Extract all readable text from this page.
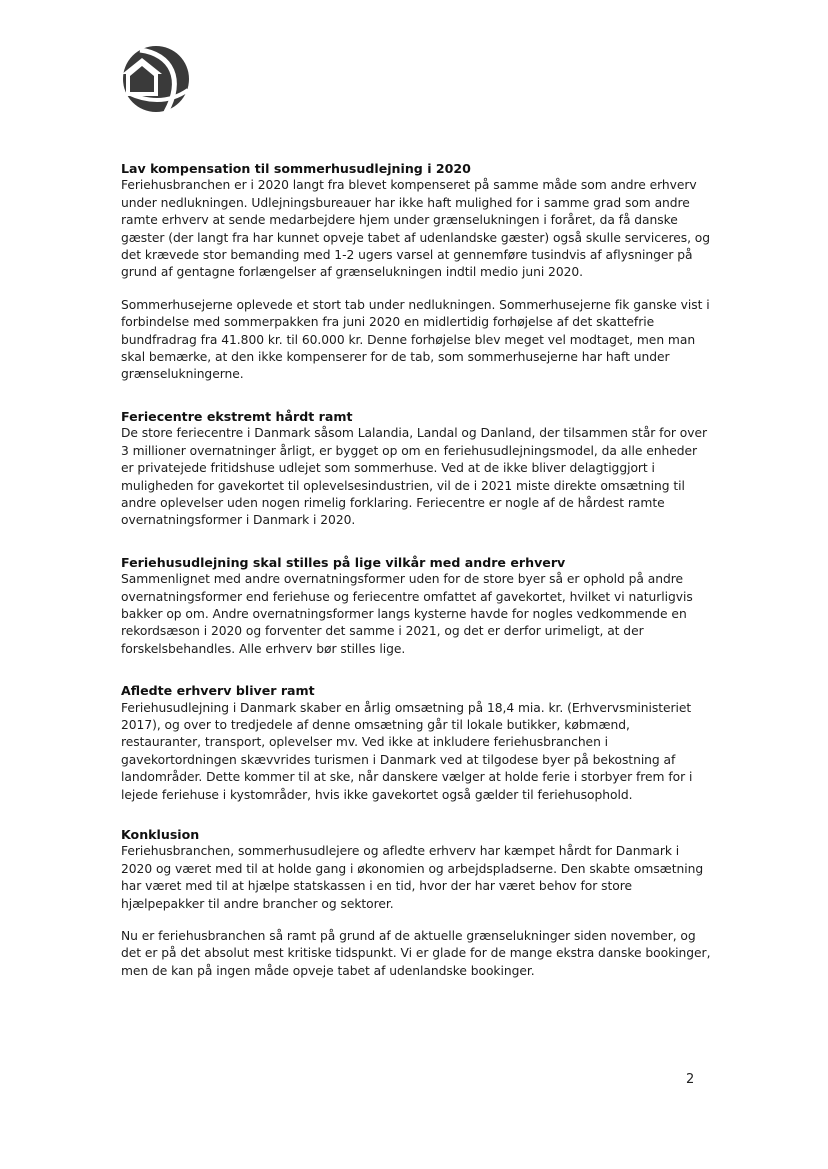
Lav kompensation til sommerhusudlejning i 2020

Feriehusbranchen er i 2020 langt fra blevet kompenseret på samme måde som andre erhverv under nedlukningen. Udlejningsbureauer har ikke haft mulighed for i samme grad som andre ramte erhverv at sende medarbejdere hjem under grænselukningen i foråret, da få danske gæster (der langt fra har kunnet opveje tabet af udenlandske gæster) også skulle serviceres, og det krævede stor bemanding med 1-2 ugers varsel at gennemføre tusindvis af aflysninger på grund af gentagne forlængelser af grænselukningen indtil medio juni 2020.

Sommerhusejerne oplevede et stort tab under nedlukningen. Sommerhusejerne fik ganske vist i forbindelse med sommerpakken fra juni 2020 en midlertidig forhøjelse af det skattefrie bundfradrag fra 41.800 kr. til 60.000 kr. Denne forhøjelse blev meget vel modtaget, men man skal bemærke, at den ikke kompenserer for de tab, som sommerhusejerne har haft under grænselukningerne.

Feriecentre ekstremt hårdt ramt

De store feriecentre i Danmark såsom Lalandia, Landal og Danland, der tilsammen står for over 3 millioner overnatninger årligt, er bygget op om en feriehusudlejningsmodel, da alle enheder er privatejede fritidshuse udlejet som sommerhuse. Ved at de ikke bliver delagtiggjort i muligheden for gavekortet til oplevelsesindustrien, vil de i 2021 miste direkte omsætning til andre oplevelser uden nogen rimelig forklaring. Feriecentre er nogle af de hårdest ramte overnatningsformer i Danmark i 2020.

Feriehusudlejning skal stilles på lige vilkår med andre erhverv

Sammenlignet med andre overnatningsformer uden for de store byer så er ophold på andre overnatningsformer end feriehuse og feriecentre omfattet af gavekortet, hvilket vi naturligvis bakker op om. Andre overnatningsformer langs kysterne havde for nogles vedkommende en rekordsæson i 2020 og forventer det samme i 2021, og det er derfor urimeligt, at der forskelsbehandles. Alle erhverv bør stilles lige.

Afledte erhverv bliver ramt

Feriehusudlejning i Danmark skaber en årlig omsætning på 18,4 mia. kr. (Erhvervsministeriet 2017), og over to tredjedele af denne omsætning går til lokale butikker, købmænd, restauranter, transport, oplevelser mv. Ved ikke at inkludere feriehusbranchen i gavekortordningen skævvrides turismen i Danmark ved at tilgodese byer på bekostning af landområder. Dette kommer til at ske, når danskere vælger at holde ferie i storbyer frem for i lejede feriehuse i kystområder, hvis ikke gavekortet også gælder til feriehusophold.

Konklusion

Feriehusbranchen, sommerhusudlejere og afledte erhverv har kæmpet hårdt for Danmark i 2020 og været med til at holde gang i økonomien og arbejdspladserne. Den skabte omsætning har været med til at hjælpe statskassen i en tid, hvor der har været behov for store hjælpepakker til andre brancher og sektorer.

Nu er feriehusbranchen så ramt på grund af de aktuelle grænselukninger siden november, og det er på det absolut mest kritiske tidspunkt. Vi er glade for de mange ekstra danske bookinger, men de kan på ingen måde opveje tabet af udenlandske bookinger.

2
